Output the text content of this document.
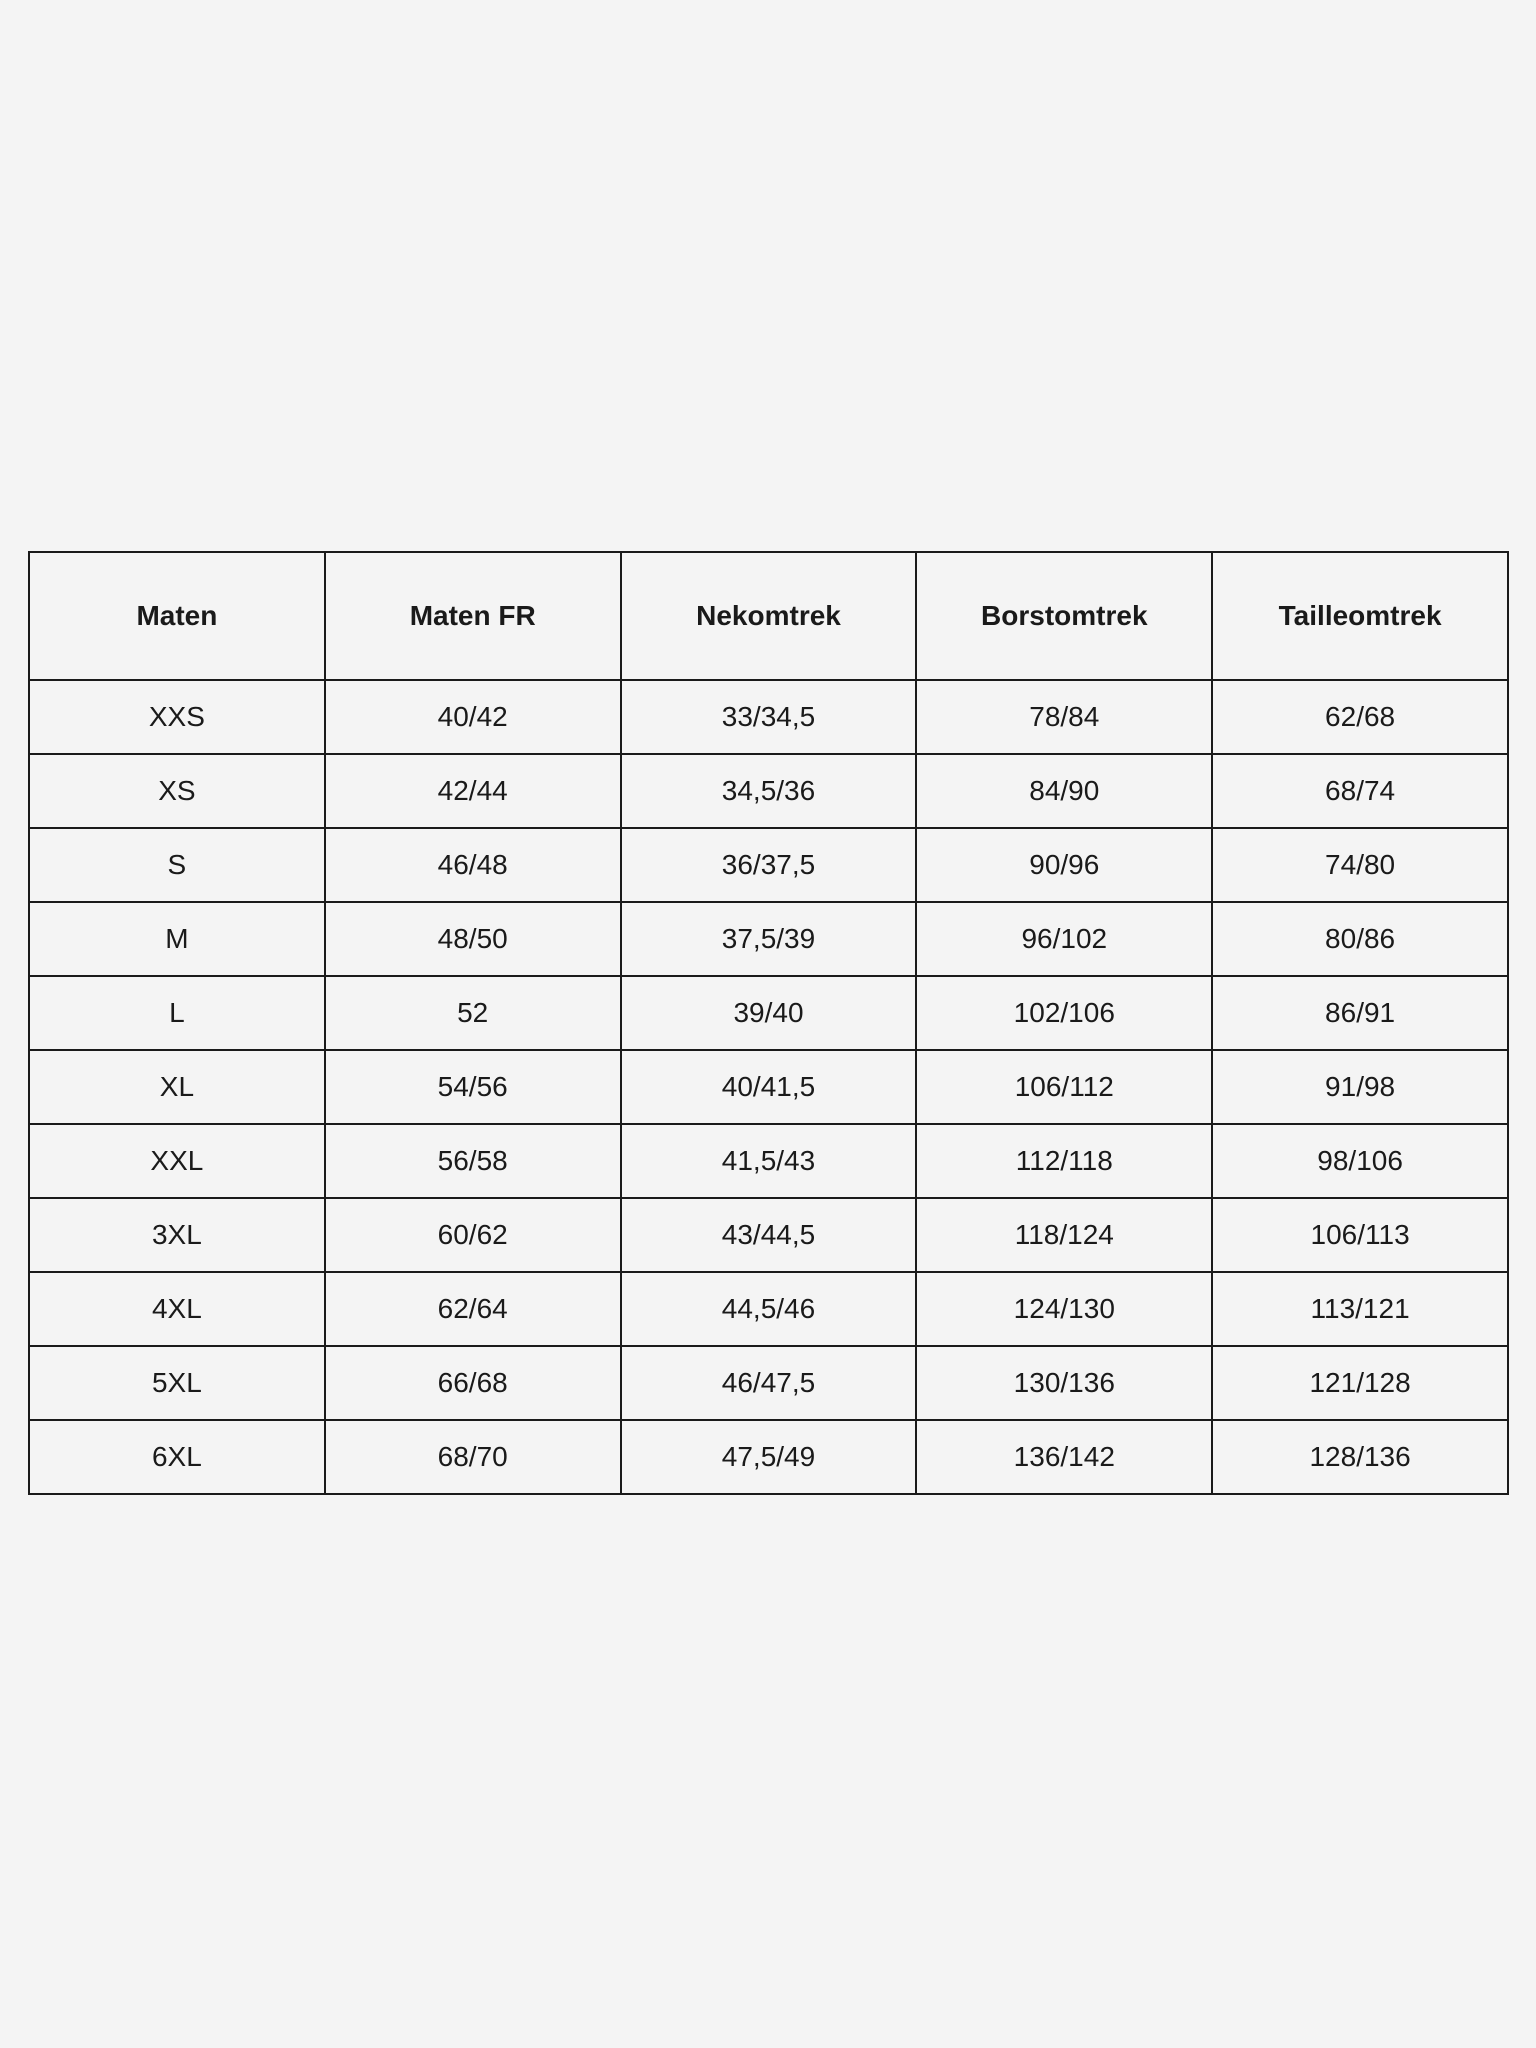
Maten	Maten FR	Nekomtrek	Borstomtrek	Tailleomtrek
XXS	40/42	33/34,5	78/84	62/68
XS	42/44	34,5/36	84/90	68/74
S	46/48	36/37,5	90/96	74/80
M	48/50	37,5/39	96/102	80/86
L	52	39/40	102/106	86/91
XL	54/56	40/41,5	106/112	91/98
XXL	56/58	41,5/43	112/118	98/106
3XL	60/62	43/44,5	118/124	106/113
4XL	62/64	44,5/46	124/130	113/121
5XL	66/68	46/47,5	130/136	121/128
6XL	68/70	47,5/49	136/142	128/136
